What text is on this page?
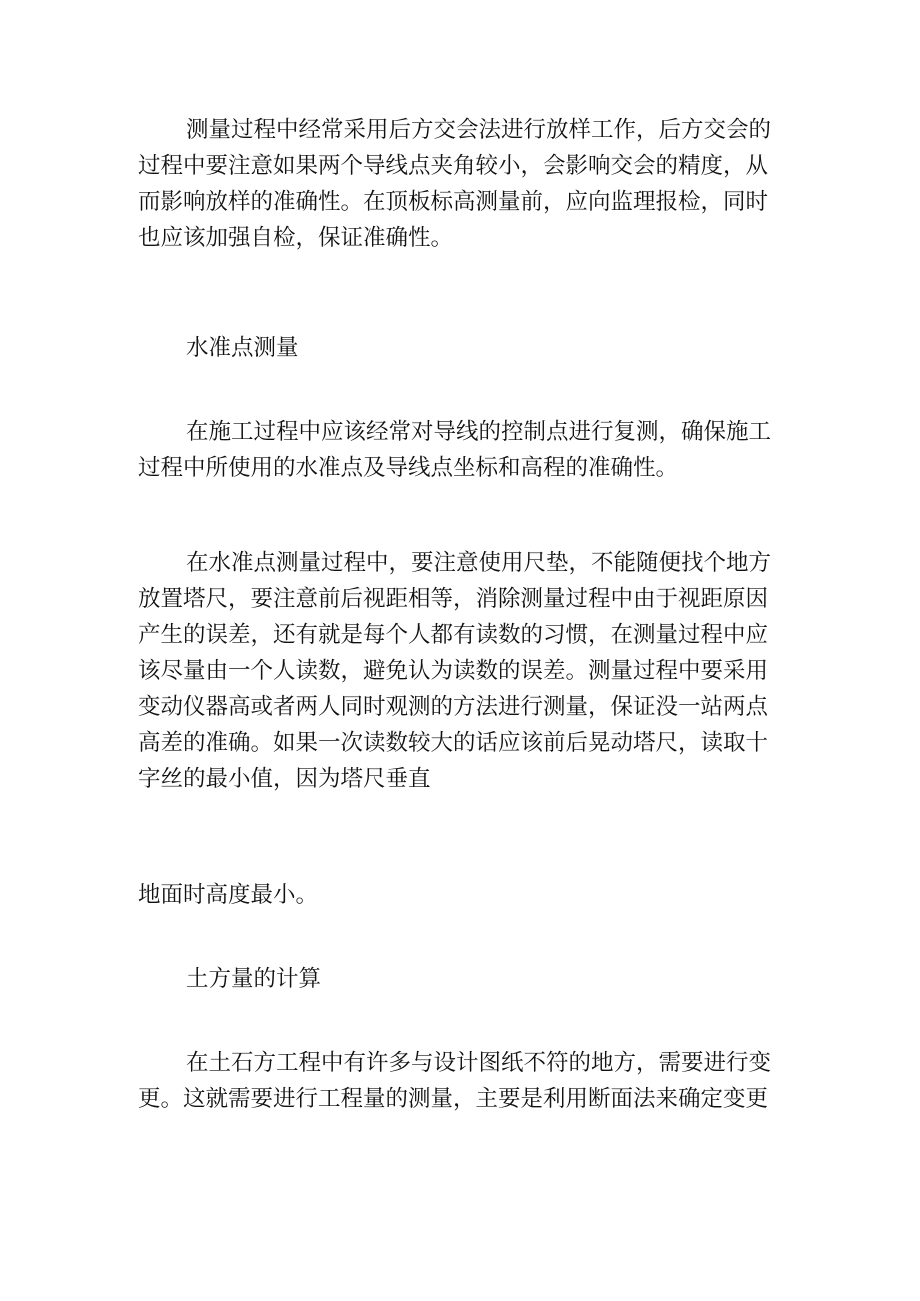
测量过程中经常采用后方交会法进行放样工作，后方交会的
过程中要注意如果两个导线点夹角较小，会影响交会的精度，从
而影响放样的准确性。在顶板标高测量前，应向监理报检，同时
也应该加强自检，保证准确性。
水准点测量
在施工过程中应该经常对导线的控制点进行复测，确保施工
过程中所使用的水准点及导线点坐标和高程的准确性。
在水准点测量过程中，要注意使用尺垫，不能随便找个地方
放置塔尺，要注意前后视距相等，消除测量过程中由于视距原因
产生的误差，还有就是每个人都有读数的习惯，在测量过程中应
该尽量由一个人读数，避免认为读数的误差。测量过程中要采用
变动仪器高或者两人同时观测的方法进行测量，保证没一站两点
高差的准确。如果一次读数较大的话应该前后晃动塔尺，读取十
字丝的最小值，因为塔尺垂直
地面时高度最小。
土方量的计算
在土石方工程中有许多与设计图纸不符的地方，需要进行变
更。这就需要进行工程量的测量，主要是利用断面法来确定变更
